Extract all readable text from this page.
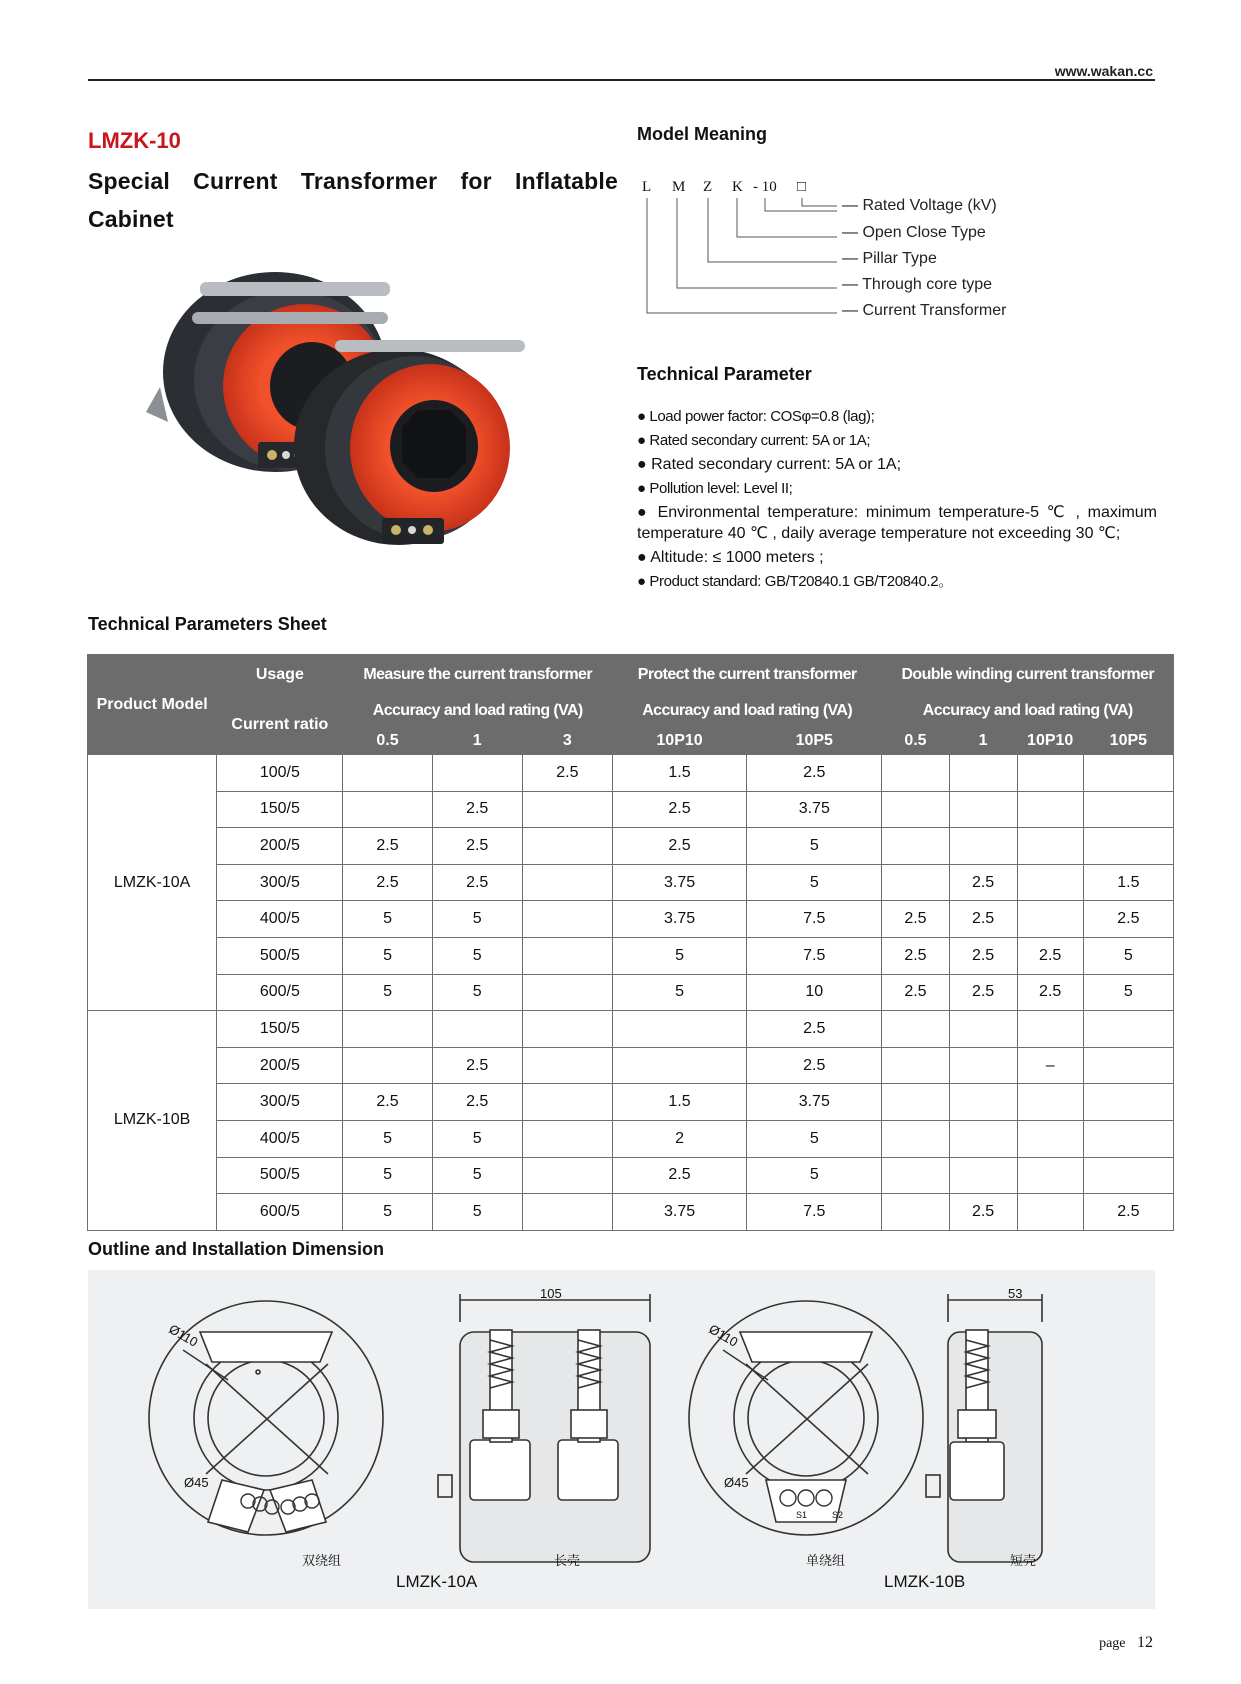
www.wakan.cc
LMZK-10
Special Current Transformer for Inflatable Cabinet
Model Meaning
L M Z K - 10 □
— Rated Voltage (kV)
— Open Close Type
— Pillar Type
— Through core type
— Current Transformer
Technical Parameter
● Load power factor: COSφ=0.8 (lag);
● Rated secondary current: 5A or 1A;
● Rated secondary current: 5A or 1A;
● Pollution level: Level II;
● Environmental temperature: minimum temperature-5 ℃ , maximum temperature 40 ℃ , daily average temperature not exceeding 30 ℃;
● Altitude: ≤ 1000 meters ;
● Product standard: GB/T20840.1 GB/T20840.2。
Technical Parameters Sheet
Product Model	Usage	Measure the current transformer			Protect the current transformer		Double winding current transformer			
	Current ratio	Accuracy and load rating (VA)			Accuracy and load rating (VA)		Accuracy and load rating (VA)			
		0.5	1	3	10P10	10P5	0.5	1	10P10	10P5
LMZK-10A	100/5			2.5	1.5	2.5				
	150/5		2.5		2.5	3.75				
	200/5	2.5	2.5		2.5	5				
	300/5	2.5	2.5		3.75	5		2.5		1.5
	400/5	5	5		3.75	7.5	2.5	2.5		2.5
	500/5	5	5		5	7.5	2.5	2.5	2.5	5
	600/5	5	5		5	10	2.5	2.5	2.5	5
LMZK-10B	150/5					2.5				
	200/5		2.5			2.5			–	
	300/5	2.5	2.5		1.5	3.75				
	400/5	5	5		2	5				
	500/5	5	5		2.5	5				
	600/5	5	5		3.75	7.5		2.5		2.5
Outline and Installation Dimension
Ø110
Ø45
105
Ø110
Ø45
53
S1	S2
双绕组	长壳	单绕组	短壳
LMZK-10A	LMZK-10B
page 12
